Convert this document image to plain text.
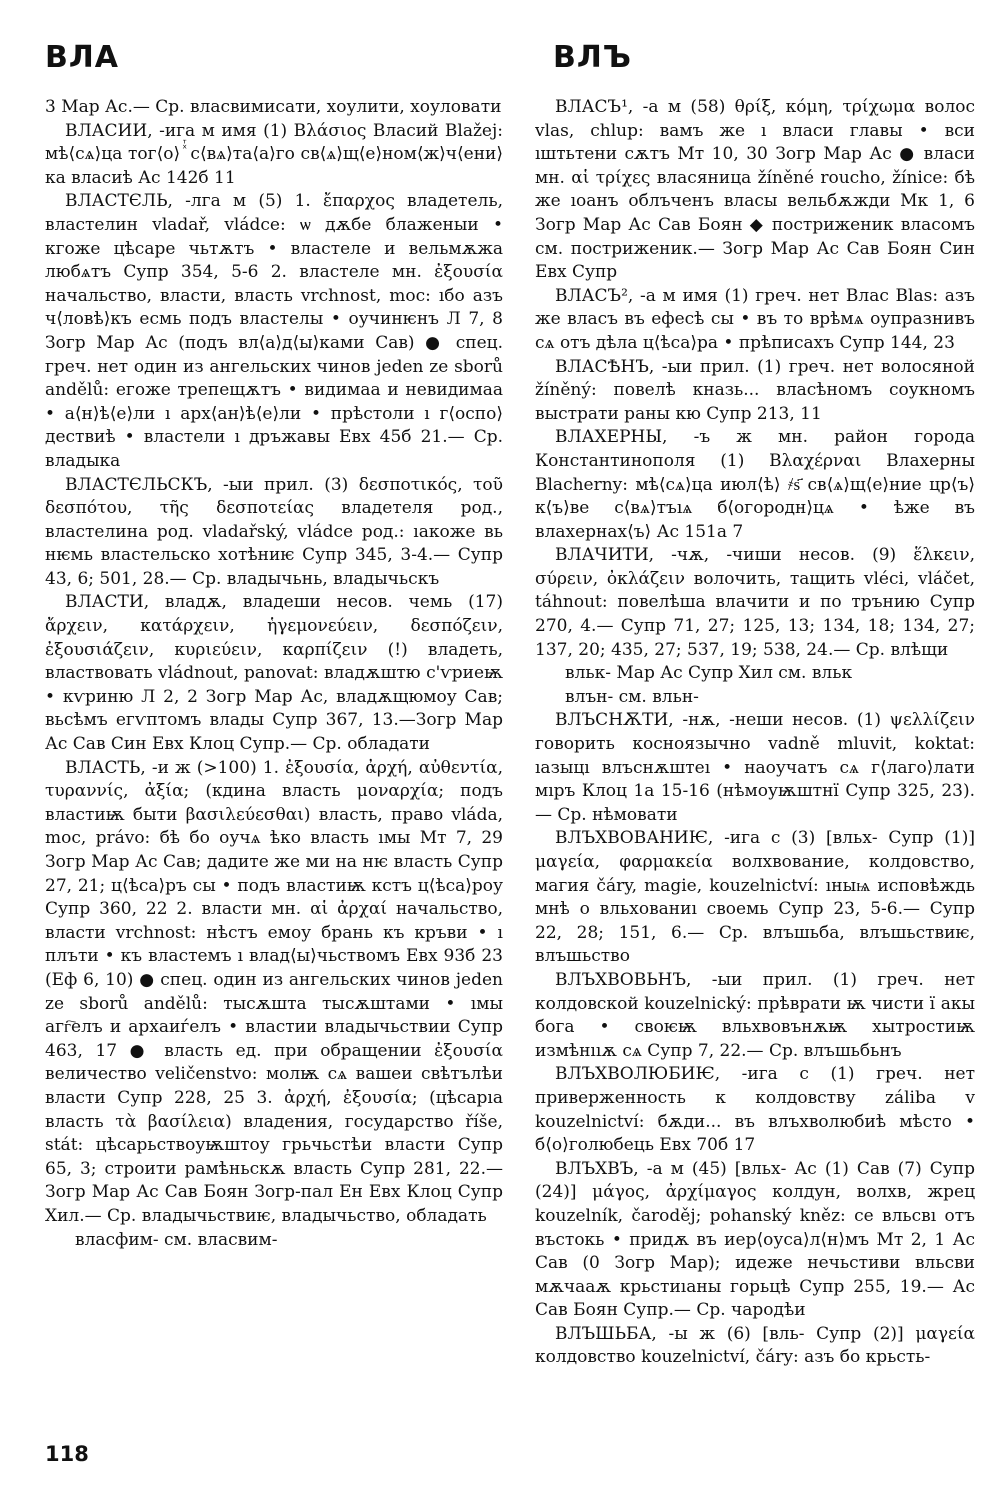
ВЛА	ВЛЪ

3 Мар Ас.— Ср. власвимисати, хоулити, хоуловати

ВЛАСИИ, -ига м имя (1) Βλάσιος Власий Blažej: мѣ⟨сѧ⟩ца тог⟨о⟩ ⷯⷮ с⟨вѧ⟩та⟨а⟩го св⟨ѧ⟩щ⟨е⟩ном⟨ж⟩ч⟨ени⟩ка власиѣ Ас 142б 11

ВЛАСТЄЛЬ, -лга м (5) 1. ἔπαρχος владетель, властелин vladař, vládce: ѡ дѫбе блаженыи • кгоже цѣсаре чьтѫтъ • властеле и вельмѫжа любѧтъ Супр 354, 5-6 2. властеле мн. ἐξουσία начальство, власти, власть vrchnost, moc: ıбо азъ ч⟨ловѣ⟩къ есмь подъ властелы • оучинѥнъ Л 7, 8 Зогр Мар Ас (подъ вл⟨а⟩д⟨ы⟩ками Сав) ● спец. греч. нет один из ангельских чинов jeden ze sborů andělů: егоже трепещѫтъ • видимаа и невидимаа • а⟨н⟩ѣ⟨е⟩ли ı арх⟨ан⟩ѣ⟨е⟩ли • прѣстоли ı г⟨оспо⟩дествиѣ • властели ı дръжавы Евх 45б 21.— Ср. владыка

ВЛАСТЄЛЬСКЪ, -ыи прил. (3) δεσποτικός, τοῦ δεσπότου, τῆς δεσποτείας владетеля род., властелина род. vladařský, vládce род.: ıакоже вь нѥмь властельско хотѣниѥ Супр 345, 3-4.— Супр 43, 6; 501, 28.— Ср. владычьнь, владычьскъ

ВЛАСТИ, владѫ, владеши несов. чемь (17) ἄρχειν, κατάρχειν, ἡγεμονεύειν, δεσπόζειν, ἐξουσιάζειν, κυριεύειν, καρπίζειν (!) владеть, властвовать vládnout, panovat: владѫштю с'ѵриеѭ • кѵриню Л 2, 2 Зогр Мар Ас, владѫщюмоу Сав; вьсѣмъ егѵптомъ влады Супр 367, 13.—Зогр Мар Ас Сав Син Евх Клоц Супр.— Ср. обладати

ВЛАСТЬ, -и ж (>100) 1. ἐξουσία, ἀρχή, αὐθεντία, τυραννίς, ἀξία; (кдина власть μοναρχία; подъ властиѭ быти βασιλεύεσθαι) власть, право vláda, moc, právo: бѣ бо оучѧ ѣко власть ıмы Мт 7, 29 Зогр Мар Ас Сав; дадите же ми на нѥ власть Супр 27, 21; ц⟨ѣса⟩ръ сы • подъ властиѭ кстъ ц⟨ѣса⟩роу Супр 360, 22 2. власти мн. αἱ ἀρχαί начальство, власти vrchnost: нѣстъ емоу брань къ кръви • ı плъти • къ властемъ ı влад⟨ы⟩чьствомъ Евх 93б 23 (Еф 6, 10) ● спец. один из ангельских чинов jeden ze sborů andělů: тысѫшта тысѫштами • ıмы агг҇елъ и архаиѓелъ • властии владычьствии Супр 463, 17 ● власть ед. при обращении ἐξουσία величество veličenstvo: молѭ сѧ вашеи свѣтълѣи власти Супр 228, 25 3. ἀρχή, ἐξουσία; (цѣсарıа власть τὰ βασίλεια) владения, государство říše, stát: цѣсарьствоуѭштоу грьчьстѣи власти Супр 65, 3; строити рамѣньскѫ власть Супр 281, 22.—Зогр Мар Ас Сав Боян Зогр-пал Ен Евх Клоц Супр Хил.— Ср. владычьствиѥ, владычьство, обладать

власфим- см. власвим-

ВЛАСЪ¹, -а м (58) θρίξ, κόμη, τρίχωμα волос vlas, chlup: вамъ же ı власи главы • вси ıштьтени сѫтъ Мт 10, 30 Зогр Мар Ас ● власи мн. αἱ τρίχες власяница žíněné roucho, žínice: бѣ же ıоанъ облъченъ власы вельбѫжди Мк 1, 6 Зогр Мар Ас Сав Боян ◆ постриженик власомъ см. постриженик.— Зогр Мар Ас Сав Боян Син Евх Супр

ВЛАСЪ², -а м имя (1) греч. нет Влас Blas: азъ же власъ въ ефесѣ сы • въ то врѣмѧ оупразнивъ сѧ отъ дѣла ц⟨ѣса⟩ра • прѣписахъ Супр 144, 23

ВЛАСѢНЪ, -ыи прил. (1) греч. нет волосяной žíněný: повелѣ кназь... власѣномъ соукномъ выстрати раны кю Супр 213, 11

ВЛАХЕРНЫ, -ъ ж мн. район города Константинополя (1) Βλαχέρναι Влахерны Blacherny: мѣ⟨сѧ⟩ца июл⟨ѣ⟩ ҂ѕ҃ св⟨ѧ⟩щ⟨е⟩ние цр⟨ъ⟩к⟨ъ⟩ве с⟨вѧ⟩тъıѧ б⟨огородн⟩цѧ • ѣже въ влахернах⟨ъ⟩ Ас 151а 7

ВЛАЧИТИ, -чѫ, -чиши несов. (9) ἕλκειν, σύρειν, ὀκλάζειν волочить, тащить vléci, vláčet, táhnout: повелѣша влачити и по трънию Супр 270, 4.— Супр 71, 27; 125, 13; 134, 18; 134, 27; 137, 20; 435, 27; 537, 19; 538, 24.— Ср. влѣщи

вльк- Мар Ас Супр Хил см. вльк

влън- см. вльн-

ВЛЪСНѪТИ, -нѫ, -неши несов. (1) ψελλίζειν говорить косноязычно vadně mluvit, koktat: ıазыцı влъснѫштеı • наоучатъ сѧ г⟨лаго⟩лати мıръ Клоц 1а 15-16 (нѣмоуѭштнї Супр 325, 23).— Ср. нѣмовати

ВЛЪХВОВАНИѤ, -ига с (3) [вльх- Супр (1)] μαγεία, φαρμακεία волхвование, колдовство, магия čáry, magie, kouzelnictví: ıныѩ исповѣждь мнѣ о вльхованиı своемь Супр 23, 5-6.— Супр 22, 28; 151, 6.— Ср. влъшьба, влъшьствиѥ, влъшьство

ВЛЪХВОВЬНЪ, -ыи прил. (1) греч. нет колдовской kouzelnický: прѣврати ѭ чисти ї акы бога • своѥѭ вльхвовънѫѭ хытростиѭ измѣнııѫ сѧ Супр 7, 22.— Ср. влъшьбьнъ

ВЛЪХВОЛЮБИѤ, -ига с (1) греч. нет приверженность к колдовству záliba v kouzelnictví: бѫди... въ влъхволюбиѣ мѣсто • б⟨о⟩голюбець Евх 70б 17

ВЛЪХВЪ, -а м (45) [вльх- Ас (1) Сав (7) Супр (24)] μάγος, ἀρχίμαγος колдун, волхв, жрец kouzelník, čaroděj; pohanský kněz: се вльсвı отъ въстокь • придѫ въ иер⟨оуса⟩л⟨н⟩мъ Мт 2, 1 Ас Сав (0 Зогр Мар); идеже нечьстиви вльсви мѫчааѫ крьстиıаны горьцѣ Супр 255, 19.— Ас Сав Боян Супр.— Ср. чародѣи

ВЛЪШЬБА, -ы ж (6) [вль- Супр (2)] μαγεία колдовство kouzelnictví, čáry: азъ бо крьсть-

118
